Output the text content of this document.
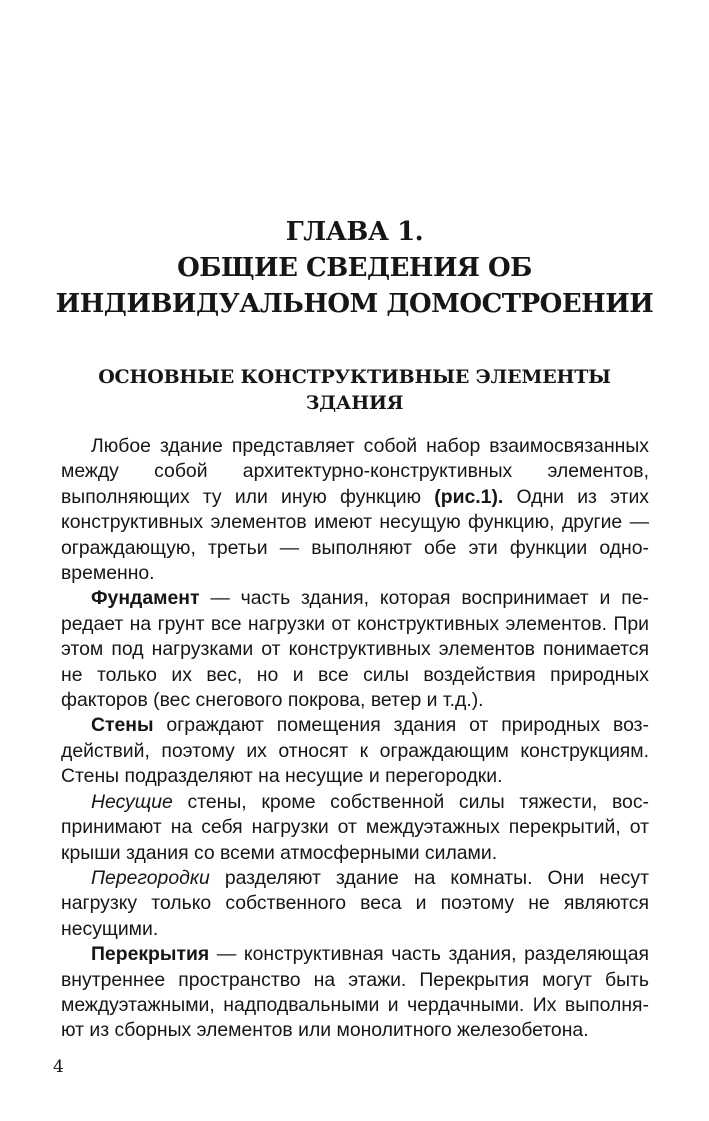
ГЛАВА 1.
ОБЩИЕ СВЕДЕНИЯ ОБ
ИНДИВИДУАЛЬНОМ ДОМОСТРОЕНИИ
ОСНОВНЫЕ КОНСТРУКТИВНЫЕ ЭЛЕМЕНТЫ
ЗДАНИЯ

Любое здание представляет собой набор взаимосвязанных между собой архитектурно-конструктивных элементов, выполняющих ту или иную функцию (рис.1). Одни из этих конструктивных элементов имеют несущую функцию, другие — ограждающую, третьи — выполняют обе эти функции одновременно.

Фундамент — часть здания, которая воспринимает и передает на грунт все нагрузки от конструктивных элементов. При этом под нагрузками от конструктивных элементов понимается не только их вес, но и все силы воздействия природных факторов (вес снегового покрова, ветер и т.д.).

Стены ограждают помещения здания от природных воздействий, поэтому их относят к ограждающим конструкциям. Стены подразделяют на несущие и перегородки.

Несущие стены, кроме собственной силы тяжести, воспринимают на себя нагрузки от междуэтажных перекрытий, от крыши здания со всеми атмосферными силами.

Перегородки разделяют здание на комнаты. Они несут нагрузку только собственного веса и поэтому не являются несущими.

Перекрытия — конструктивная часть здания, разделяющая внутреннее пространство на этажи. Перекрытия могут быть междуэтажными, надподвальными и чердачными. Их выполняют из сборных элементов или монолитного железобетона.

4
